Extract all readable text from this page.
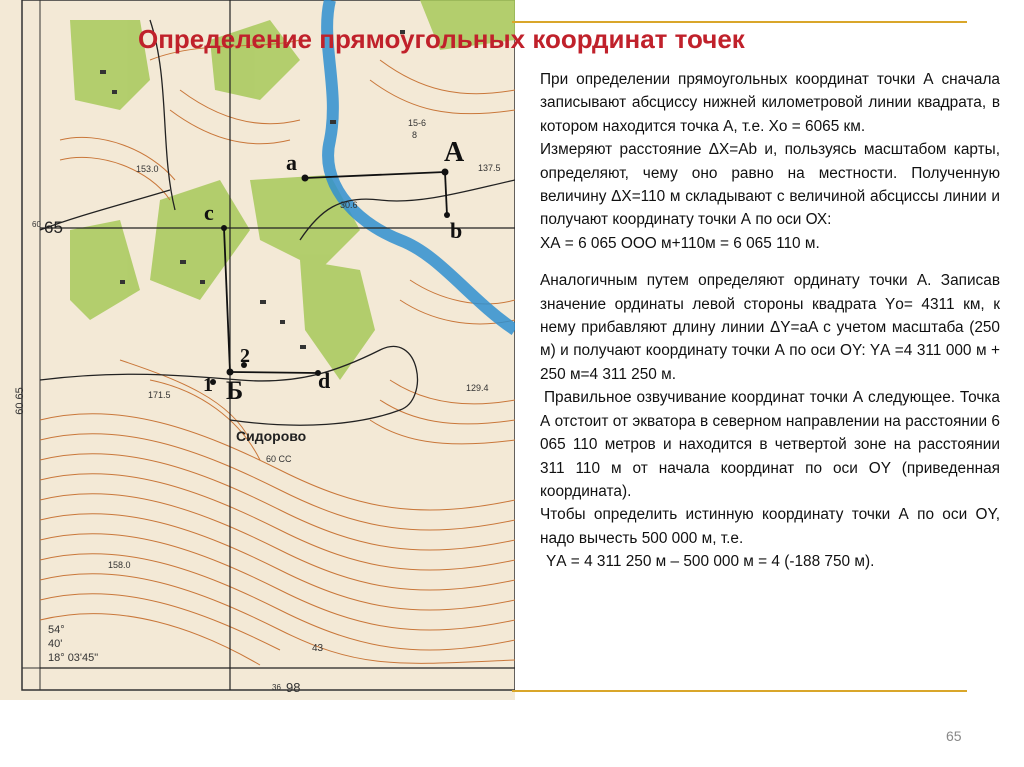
А
а
b
c
d
Б
1
2
Сидорово
60 СС
65
60
60 65
98
36
43
153.0	137.5
30.6
171.5
158.0
129.4
15-6
8
54°
40'
18° 03'45"
Определение прямоугольных координат точек

При определении прямоугольных координат точки А сначала записывают абсциссу нижней километровой линии квадрата, в котором находится точка А, т.е. Xо = 6065 км.

Измеряют расстояние ΔХ=Аb и, пользуясь масштабом карты, определяют, чему оно равно на местности. Полученную величину ΔХ=110 м складывают с величиной абсциссы линии и получают координату точки А по оси ОХ:

XА = 6 065 ООО м+110м = 6 065 110 м.

Аналогичным путем определяют ординату точки А. Записав значение ординаты левой стороны квадрата Yо= 4311 км, к нему прибавляют длину линии ΔY=aA с учетом масштаба (250 м) и получают координату точки А по оси OY: YА =4 311 000 м + 250 м=4 311 250 м.

Правильное озвучивание координат точки А следующее. Точка А отстоит от экватора в северном направлении на расстоянии 6 065 110 метров и находится в четвертой зоне на расстоянии 311 110 м от начала координат по оси OY (приведенная координата).

Чтобы определить истинную координату точки А по оси OY, надо вычесть 500 000 м, т.е.

YА = 4 311 250 м – 500 000 м = 4 (-188 750 м).

65
